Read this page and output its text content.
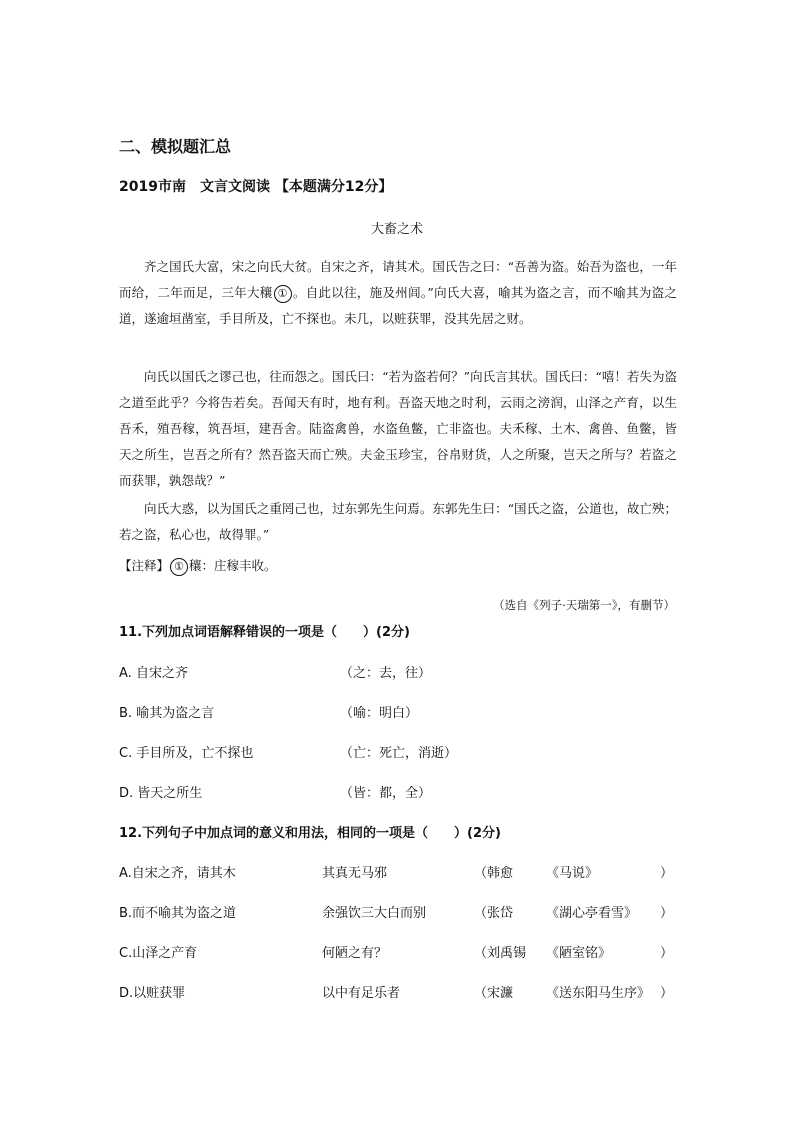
二、模拟题汇总
2019市南　文言文阅读 【本题满分12分】
大畜之术
齐之国氏大富，宋之向氏大贫。自宋之齐，请其术。国氏告之曰：“吾善为盗。始吾为盗也，一年而给，二年而足，三年大穰 ① 。自此以往，施及州闾。”向氏大喜，喻其为盗之言，而不喻其为盗之道，遂逾垣凿室，手目所及，亡不探也。未几，以赃获罪，没其先居之财。
向氏以国氏之谬己也，往而怨之。国氏曰：“若为盗若何？”向氏言其状。国氏曰：“嘻！若失为盗之道至此乎？今将告若矣。吾闻天有时，地有利。吾盗天地之时利，云雨之滂润，山泽之产育，以生吾禾，殖吾稼，筑吾垣，建吾舍。陆盗禽兽，水盗鱼鳖，亡非盗也。夫禾稼、土木、禽兽、鱼鳖，皆天之所生，岂吾之所有？然吾盗天而亡殃。夫金玉珍宝，谷帛财货，人之所聚，岂天之所与？若盗之而获罪，孰怨哉？”
向氏大惑，以为国氏之重罔己也，过东郭先生问焉。东郭先生曰：“国氏之盗，公道也，故亡殃；若之盗，私心也，故得罪。”
【注释】 ① 穰：庄稼丰收。
（选自《列子·天瑞第一》，有删节）
11.下列加点词语解释错误的一项是（　　）(2分)
A. 自宋之齐	（之：去，往）
B. 喻其为盗之言	（喻：明白）
C. 手目所及，亡不探也	（亡：死亡，消逝）
D. 皆天之所生	（皆：都，全）
12.下列句子中加点词的意义和用法，相同的一项是（　　）(2分)
A.自宋之齐，请其木	其真无马邪	（韩愈	《马说》	）
B.而不喻其为盗之道	余强饮三大白而别	（张岱	《湖心亭看雪》 ）
C.山泽之产育	何陋之有？	（刘禹锡 《陋室铭》	）
D.以赃获罪	以中有足乐者	（宋濂	《送东阳马生序》 ）
